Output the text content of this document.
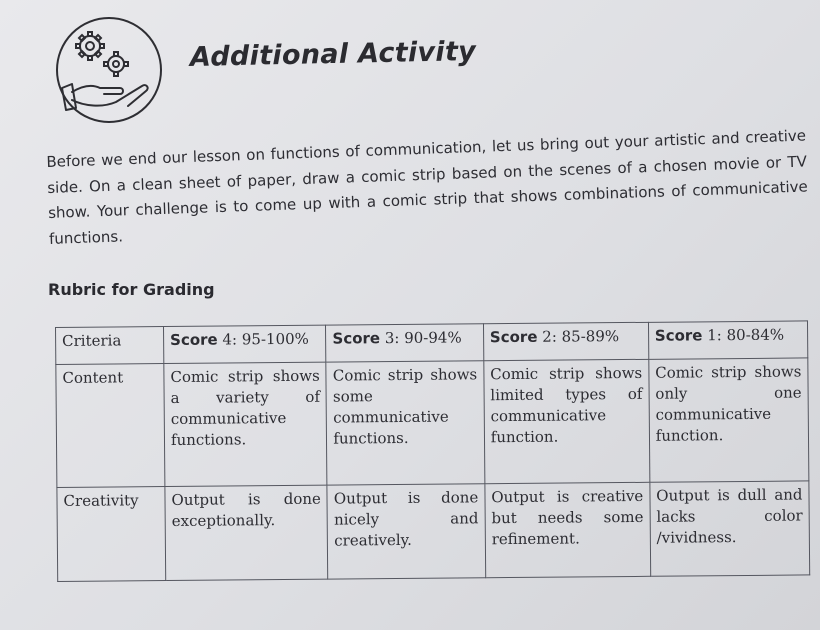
Additional Activity

Before we end our lesson on functions of communication, let us bring out your artistic and creative side. On a clean sheet of paper, draw a comic strip based on the scenes of a chosen movie or TV show. Your challenge is to come up with a comic strip that shows combinations of communicative functions.

Rubric for Grading
Criteria	Score 4: 95-100%	Score 3: 90-94%	Score 2: 85-89%	Score 1: 80-84%
Content	Comic strip shows a variety of communicative functions.	Comic strip shows some communicative functions.	Comic strip shows limited types of communicative function.	Comic strip shows only one communicative function.
Creativity	Output is done exceptionally.	Output is done nicely and creatively.	Output is creative but needs some refinement.	Output is dull and lacks color /vividness.
